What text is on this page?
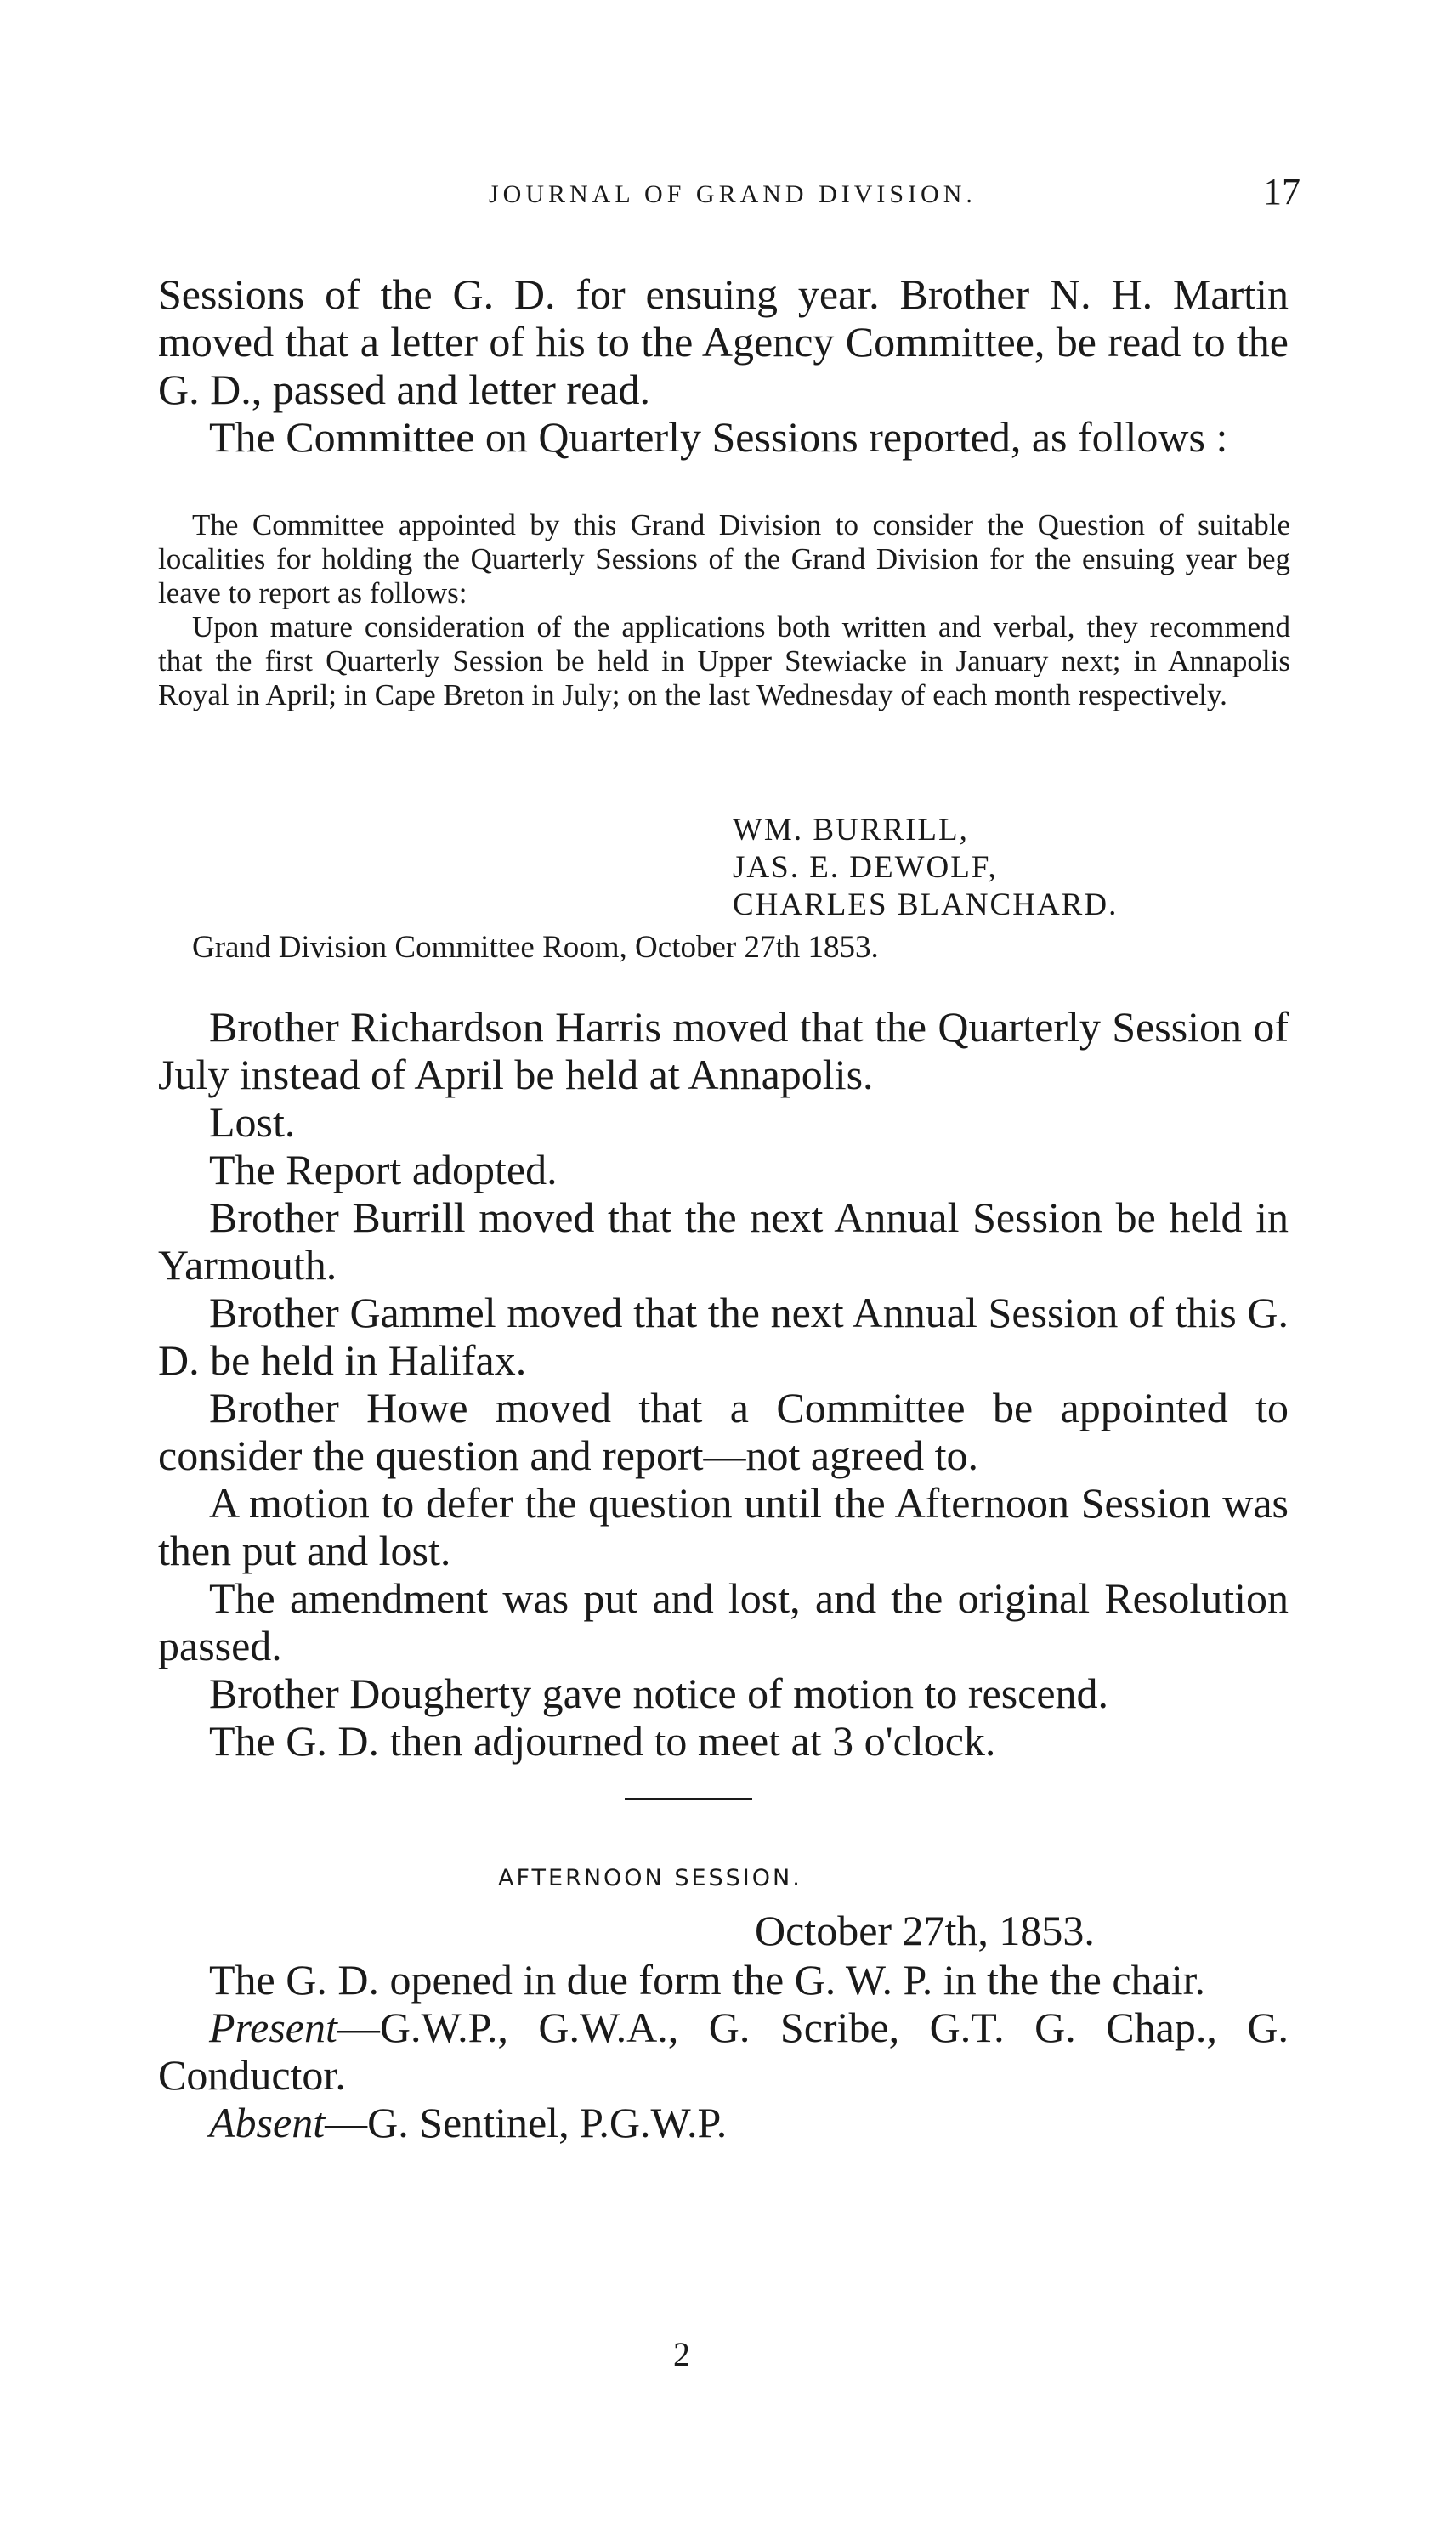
JOURNAL OF GRAND DIVISION.	17

Sessions of the G. D. for ensuing year. Brother N. H. Martin moved that a letter of his to the Agency Committee, be read to the G. D., passed and letter read.

The Committee on Quarterly Sessions reported, as follows :

The Committee appointed by this Grand Division to consider the Question of suitable localities for holding the Quarterly Sessions of the Grand Division for the ensuing year beg leave to report as follows:

Upon mature consideration of the applications both written and verbal, they recommend that the first Quarterly Session be held in Upper Stewiacke in January next; in Annapolis Royal in April; in Cape Breton in July; on the last Wednesday of each month respectively.

WM. BURRILL,
JAS. E. DEWOLF,
CHARLES BLANCHARD.
Grand Division Committee Room, October 27th 1853.

Brother Richardson Harris moved that the Quarterly Session of July instead of April be held at Annapolis.

Lost.

The Report adopted.

Brother Burrill moved that the next Annual Session be held in Yarmouth.

Brother Gammel moved that the next Annual Session of this G. D. be held in Halifax.

Brother Howe moved that a Committee be appointed to consider the question and report—not agreed to.

A motion to defer the question until the Afternoon Session was then put and lost.

The amendment was put and lost, and the original Resolution passed.

Brother Dougherty gave notice of motion to rescend.

The G. D. then adjourned to meet at 3 o'clock.

AFTERNOON SESSION.
October 27th, 1853.

The G. D. opened in due form the G. W. P. in the the chair.

Present—G.W.P., G.W.A., G. Scribe, G.T. G. Chap., G. Conductor.

Absent—G. Sentinel, P.G.W.P.

2
